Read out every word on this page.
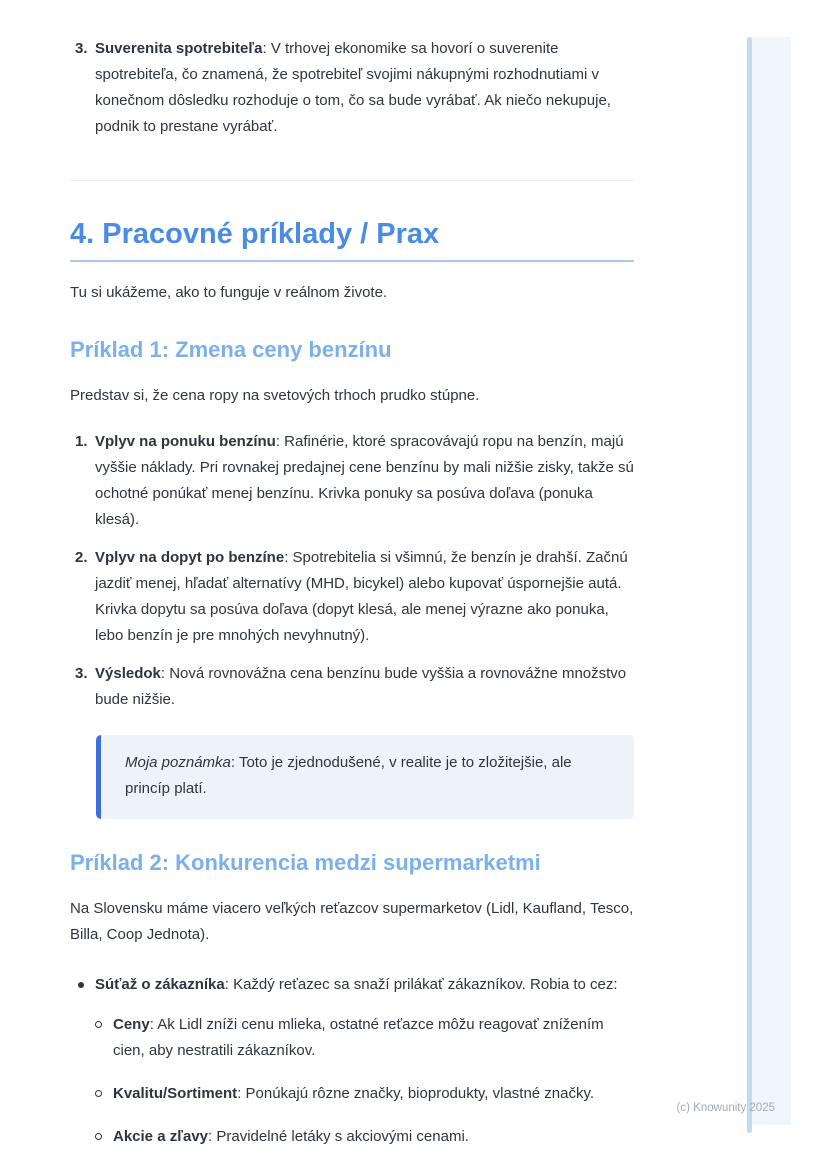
3. Suverenita spotrebiteľa: V trhovej ekonomike sa hovorí o suverenite spotrebiteľa, čo znamená, že spotrebiteľ svojimi nákupnými rozhodnutiami v konečnom dôsledku rozhoduje o tom, čo sa bude vyrábať. Ak niečo nekupuje, podnik to prestane vyrábať.
4. Pracovné príklady / Prax

Tu si ukážeme, ako to funguje v reálnom živote.

Príklad 1: Zmena ceny benzínu

Predstav si, že cena ropy na svetových trhoch prudko stúpne.

1. Vplyv na ponuku benzínu: Rafinérie, ktoré spracovávajú ropu na benzín, majú vyššie náklady. Pri rovnakej predajnej cene benzínu by mali nižšie zisky, takže sú ochotné ponúkať menej benzínu. Krivka ponuky sa posúva doľava (ponuka klesá).
2. Vplyv na dopyt po benzíne: Spotrebitelia si všimnú, že benzín je drahší. Začnú jazdiť menej, hľadať alternatívy (MHD, bicykel) alebo kupovať úspornejšie autá. Krivka dopytu sa posúva doľava (dopyt klesá, ale menej výrazne ako ponuka, lebo benzín je pre mnohých nevyhnutný).
3. Výsledok: Nová rovnovážna cena benzínu bude vyššia a rovnovážne množstvo bude nižšie.
Moja poznámka: Toto je zjednodušené, v realite je to zložitejšie, ale princíp platí.
Príklad 2: Konkurencia medzi supermarketmi

Na Slovensku máme viacero veľkých reťazcov supermarketov (Lidl, Kaufland, Tesco, Billa, Coop Jednota).

Súťaž o zákazníka: Každý reťazec sa snaží prilákať zákazníkov. Robia to cez:
Ceny: Ak Lidl zníži cenu mlieka, ostatné reťazce môžu reagovať znížením cien, aby nestratili zákazníkov.
Kvalitu/Sortiment: Ponúkajú rôzne značky, bioprodukty, vlastné značky.
Akcie a zľavy: Pravidelné letáky s akciovými cenami.
(c) Knowunity 2025
